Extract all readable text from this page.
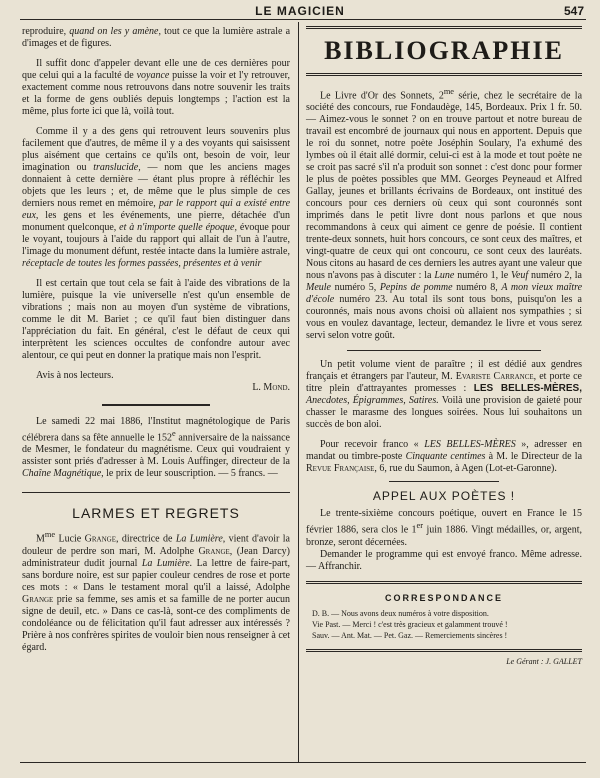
LE MAGICIEN	547

reproduire, quand on les y amène, tout ce que la lumière astrale a d'images et de figures.

Il suffit donc d'appeler devant elle une de ces dernières pour que celui qui a la faculté de voyance puisse la voir et l'y retrouver, exactement comme nous retrouvons dans notre souvenir les traits et la forme de gens oubliés depuis longtemps ; l'action est la même, plus forte ici que là, voilà tout.

Comme il y a des gens qui retrouvent leurs souvenirs plus facilement que d'autres, de même il y a des voyants qui saisissent plus aisément que certains ce qu'ils ont, besoin de voir, leur imagination ou translucide, — nom que les anciens mages donnaient à cette dernière — étant plus propre à réfléchir les objets que les leurs ; et, de même que le plus simple de ces derniers nous remet en mémoire, par le rapport qui a existé entre eux, les gens et les événements, une pierre, détachée d'un monument quelconque, et à n'importe quelle époque, évoque pour le voyant, toujours à l'aide du rapport qui allait de l'un à l'autre, l'image du monument défunt, restée intacte dans la lumière astrale, réceptacle de toutes les formes passées, présentes et à venir

Il est certain que tout cela se fait à l'aide des vibrations de la lumière, puisque la vie universelle n'est qu'un ensemble de vibrations ; mais non au moyen d'un système de vibrations, comme le dit M. Bariet ; ce qu'il faut bien distinguer dans l'appréciation du fait. En général, c'est le défaut de ceux qui interprètent les sciences occultes de confondre autour avec alentour, ce qui peut en donner la pratique mais non l'esprit.

Avis à nos lecteurs.

L. Mond.

Le samedi 22 mai 1886, l'Institut magnétologique de Paris célébrera dans sa fête annuelle le 152e anniversaire de la naissance de Mesmer, le fondateur du magnétisme. Ceux qui voudraient y assister sont priés d'adresser à M. Louis Auffinger, directeur de la Chaîne Magnétique, le prix de leur souscription. — 5 francs. —

LARMES ET REGRETS

$M^{me}$ Lucie Grange, directrice de La Lumière, vient d'avoir la douleur de perdre son mari, M. Adolphe Grange, (Jean Darcy) administrateur dudit journal La Lumière. La lettre de faire-part, sans bordure noire, est sur papier couleur cendres de rose et porte ces mots : « Dans le testament moral qu'il a laissé, Adolphe Grange prie sa femme, ses amis et sa famille de ne porter aucun signe de deuil, etc. » Dans ce cas-là, sont-ce des compliments de condoléance ou de félicitation qu'il faut adresser aux intéressés ? Prière à nos confrères spirites de vouloir bien nous renseigner à cet égard.

BIBLIOGRAPHIE

Le Livre d'Or des Sonnets, $2^{me}$ série, chez le secrétaire de la société des concours, rue Fondaudège, 145, Bordeaux. Prix 1 fr. 50. — Aimez-vous le sonnet ? on en trouve partout et notre bureau de travail est encombré de journaux qui nous en apportent. Depuis que le roi du sonnet, notre poète Joséphin Soulary, l'a exhumé des lymbes où il était allé dormir, celui-ci est à la mode et tout poète ne se croit pas sacré s'il n'a produit son sonnet : c'est donc pour former le plus de poètes possibles que MM. Georges Peyneaud et Alfred Gallay, jeunes et brillants écrivains de Bordeaux, ont institué des concours pour ces derniers où ceux qui sont couronnés sont imprimés dans le petit livre dont nous parlons et que nous recommandons à ceux qui aiment ce genre de poésie. Il contient trente-deux sonnets, huit hors concours, ce sont ceux des maîtres, et vingt-quatre de ceux qui ont concouru, ce sont ceux des lauréats. Nous citons au hasard de ces derniers les autres ayant une valeur que nous n'avons pas à discuter : la Lune numéro 1, le Veuf numéro 2, la Meule numéro 5, Pepins de pomme numéro 8, A mon vieux maître d'école numéro 23. Au total ils sont tous bons, puisqu'on les a couronnés, mais nous avons choisi où allaient nos sympathies ; si vous en voulez davantage, lecteur, demandez le livre et vous serez servi selon votre goût.

Un petit volume vient de paraître ; il est dédié aux gendres français et étrangers par l'auteur, M. Evariste Carrance, et porte ce titre plein d'attrayantes promesses : LES BELLES-MÈRES, Anecdotes, Épigrammes, Satires. Voilà une provision de gaieté pour chasser le marasme des longues soirées. Nous lui souhaitons un succès de bon aloi.

Pour recevoir franco « LES BELLES-MÈRES », adresser en mandat ou timbre-poste Cinquante centimes à M. le Directeur de la Revue Française, 6, rue du Saumon, à Agen (Lot-et-Garonne).

APPEL AUX POÈTES !

Le trente-sixième concours poétique, ouvert en France le 15 février 1886, sera clos le 1er juin 1886. Vingt médailles, or, argent, bronze, seront décernées.

Demander le programme qui est envoyé franco. Même adresse. — Affranchir.

CORRESPONDANCE

D. B. — Nous avons deux numéros à votre disposition.

Vie Past. — Merci ! c'est très gracieux et galamment trouvé !

Sauv. — Ant. Mat. — Pet. Gaz. — Remerciements sincères !

Le Gérant : J. GALLET
